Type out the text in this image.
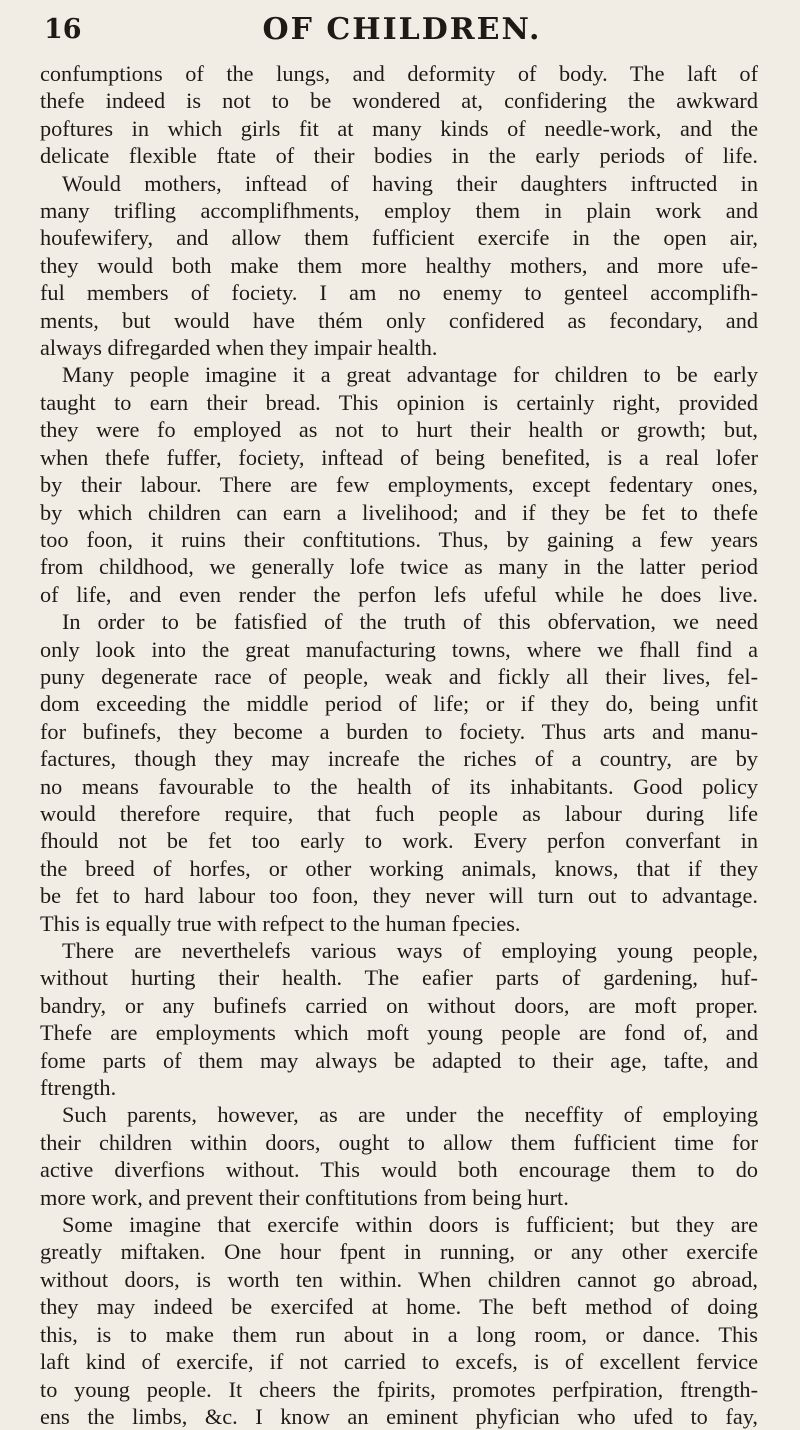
16	OF CHILDREN.
confumptions of the lungs, and deformity of body. The laft of
thefe indeed is not to be wondered at, confidering the awkward
poftures in which girls fit at many kinds of needle-work, and the
delicate flexible ftate of their bodies in the early periods of life.
Would mothers, inftead of having their daughters inftructed in
many trifling accomplifhments, employ them in plain work and
houfewifery, and allow them fufficient exercife in the open air,
they would both make them more healthy mothers, and more ufe-
ful members of fociety. I am no enemy to genteel accomplifh-
ments, but would have thém only confidered as fecondary, and
always difregarded when they impair health.
Many people imagine it a great advantage for children to be early
taught to earn their bread. This opinion is certainly right, provided
they were fo employed as not to hurt their health or growth; but,
when thefe fuffer, fociety, inftead of being benefited, is a real lofer
by their labour. There are few employments, except fedentary ones,
by which children can earn a livelihood; and if they be fet to thefe
too foon, it ruins their conftitutions. Thus, by gaining a few years
from childhood, we generally lofe twice as many in the latter period
of life, and even render the perfon lefs ufeful while he does live.
In order to be fatisfied of the truth of this obfervation, we need
only look into the great manufacturing towns, where we fhall find a
puny degenerate race of people, weak and fickly all their lives, fel-
dom exceeding the middle period of life; or if they do, being unfit
for bufinefs, they become a burden to fociety. Thus arts and manu-
factures, though they may increafe the riches of a country, are by
no means favourable to the health of its inhabitants. Good policy
would therefore require, that fuch people as labour during life
fhould not be fet too early to work. Every perfon converfant in
the breed of horfes, or other working animals, knows, that if they
be fet to hard labour too foon, they never will turn out to advantage.
This is equally true with refpect to the human fpecies.
There are neverthelefs various ways of employing young people,
without hurting their health. The eafier parts of gardening, huf-
bandry, or any bufinefs carried on without doors, are moft proper.
Thefe are employments which moft young people are fond of, and
fome parts of them may always be adapted to their age, tafte, and
ftrength.
Such parents, however, as are under the neceffity of employing
their children within doors, ought to allow them fufficient time for
active diverfions without. This would both encourage them to do
more work, and prevent their conftitutions from being hurt.
Some imagine that exercife within doors is fufficient; but they are
greatly miftaken. One hour fpent in running, or any other exercife
without doors, is worth ten within. When children cannot go abroad,
they may indeed be exercifed at home. The beft method of doing
this, is to make them run about in a long room, or dance. This
laft kind of exercife, if not carried to excefs, is of excellent fervice
to young people. It cheers the fpirits, promotes perfpiration, ftrength-
ens the limbs, &c. I know an eminent phyfician who ufed to fay,
